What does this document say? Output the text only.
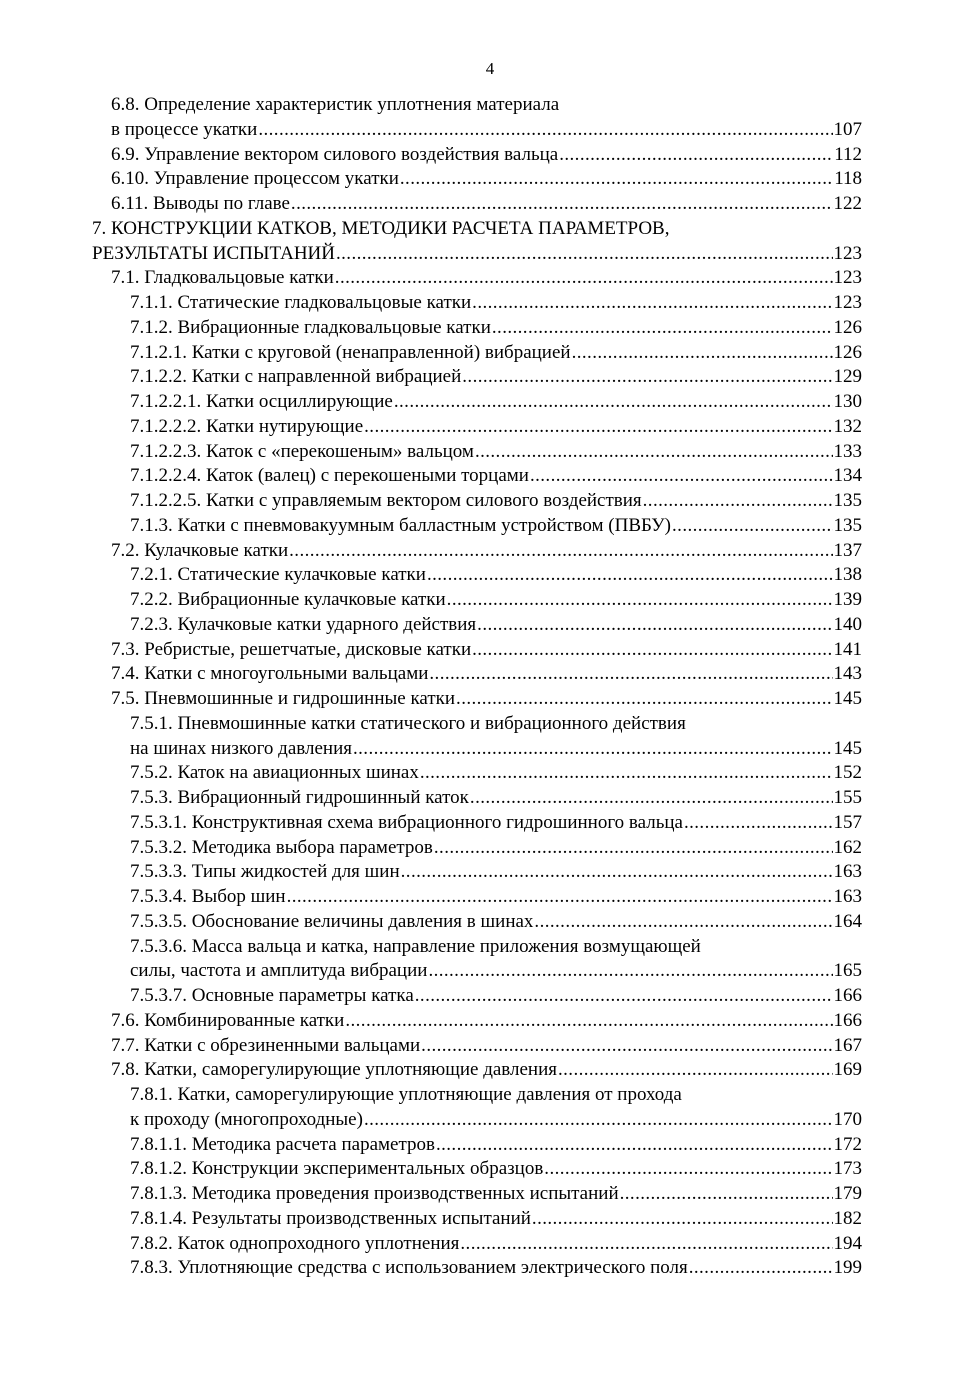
4
6.8. Определение характеристик уплотнения материала
в процессе укатки .....	107
6.9. Управление вектором силового воздействия вальца .....	112
6.10. Управление процессом укатки .....	118
6.11. Выводы по главе .....	122
7. КОНСТРУКЦИИ КАТКОВ, МЕТОДИКИ РАСЧЕТА ПАРАМЕТРОВ,
РЕЗУЛЬТАТЫ ИСПЫТАНИЙ .....	123
7.1. Гладковальцовые катки .....	123
7.1.1. Статические гладковальцовые катки .....	123
7.1.2. Вибрационные гладковальцовые катки .....	126
7.1.2.1. Катки с круговой (ненаправленной) вибрацией .....	126
7.1.2.2. Катки с направленной вибрацией .....	129
7.1.2.2.1. Катки осциллирующие .....	130
7.1.2.2.2. Катки нутирующие .....	132
7.1.2.2.3. Каток с «перекошеным» вальцом .....	133
7.1.2.2.4. Каток (валец) с перекошеными торцами .....	134
7.1.2.2.5. Катки с управляемым вектором силового воздействия .....	135
7.1.3. Катки с пневмовакуумным балластным устройством (ПВБУ) .....	135
7.2. Кулачковые катки .....	137
7.2.1. Статические кулачковые катки .....	138
7.2.2. Вибрационные кулачковые катки .....	139
7.2.3. Кулачковые катки ударного действия .....	140
7.3. Ребристые, решетчатые, дисковые катки .....	141
7.4. Катки с многоугольными вальцами .....	143
7.5. Пневмошинные и гидрошинные катки .....	145
7.5.1. Пневмошинные катки статического и вибрационного действия
на шинах низкого давления .....	145
7.5.2. Каток на авиационных шинах .....	152
7.5.3. Вибрационный гидрошинный каток .....	155
7.5.3.1. Конструктивная схема вибрационного гидрошинного вальца .....	157
7.5.3.2. Методика выбора параметров .....	162
7.5.3.3. Типы жидкостей для шин .....	163
7.5.3.4. Выбор шин .....	163
7.5.3.5. Обоснование величины давления в шинах .....	164
7.5.3.6. Масса вальца и катка, направление приложения возмущающей
силы, частота и амплитуда вибрации .....	165
7.5.3.7. Основные параметры катка .....	166
7.6. Комбинированные катки .....	166
7.7. Катки с обрезиненными вальцами .....	167
7.8. Катки, саморегулирующие уплотняющие давления .....	169
7.8.1. Катки, саморегулирующие уплотняющие давления от прохода
к проходу (многопроходные) .....	170
7.8.1.1. Методика расчета параметров .....	172
7.8.1.2. Конструкции экспериментальных образцов .....	173
7.8.1.3. Методика проведения производственных испытаний .....	179
7.8.1.4. Результаты производственных испытаний .....	182
7.8.2. Каток однопроходного уплотнения .....	194
7.8.3. Уплотняющие средства с использованием электрического поля .....	199
